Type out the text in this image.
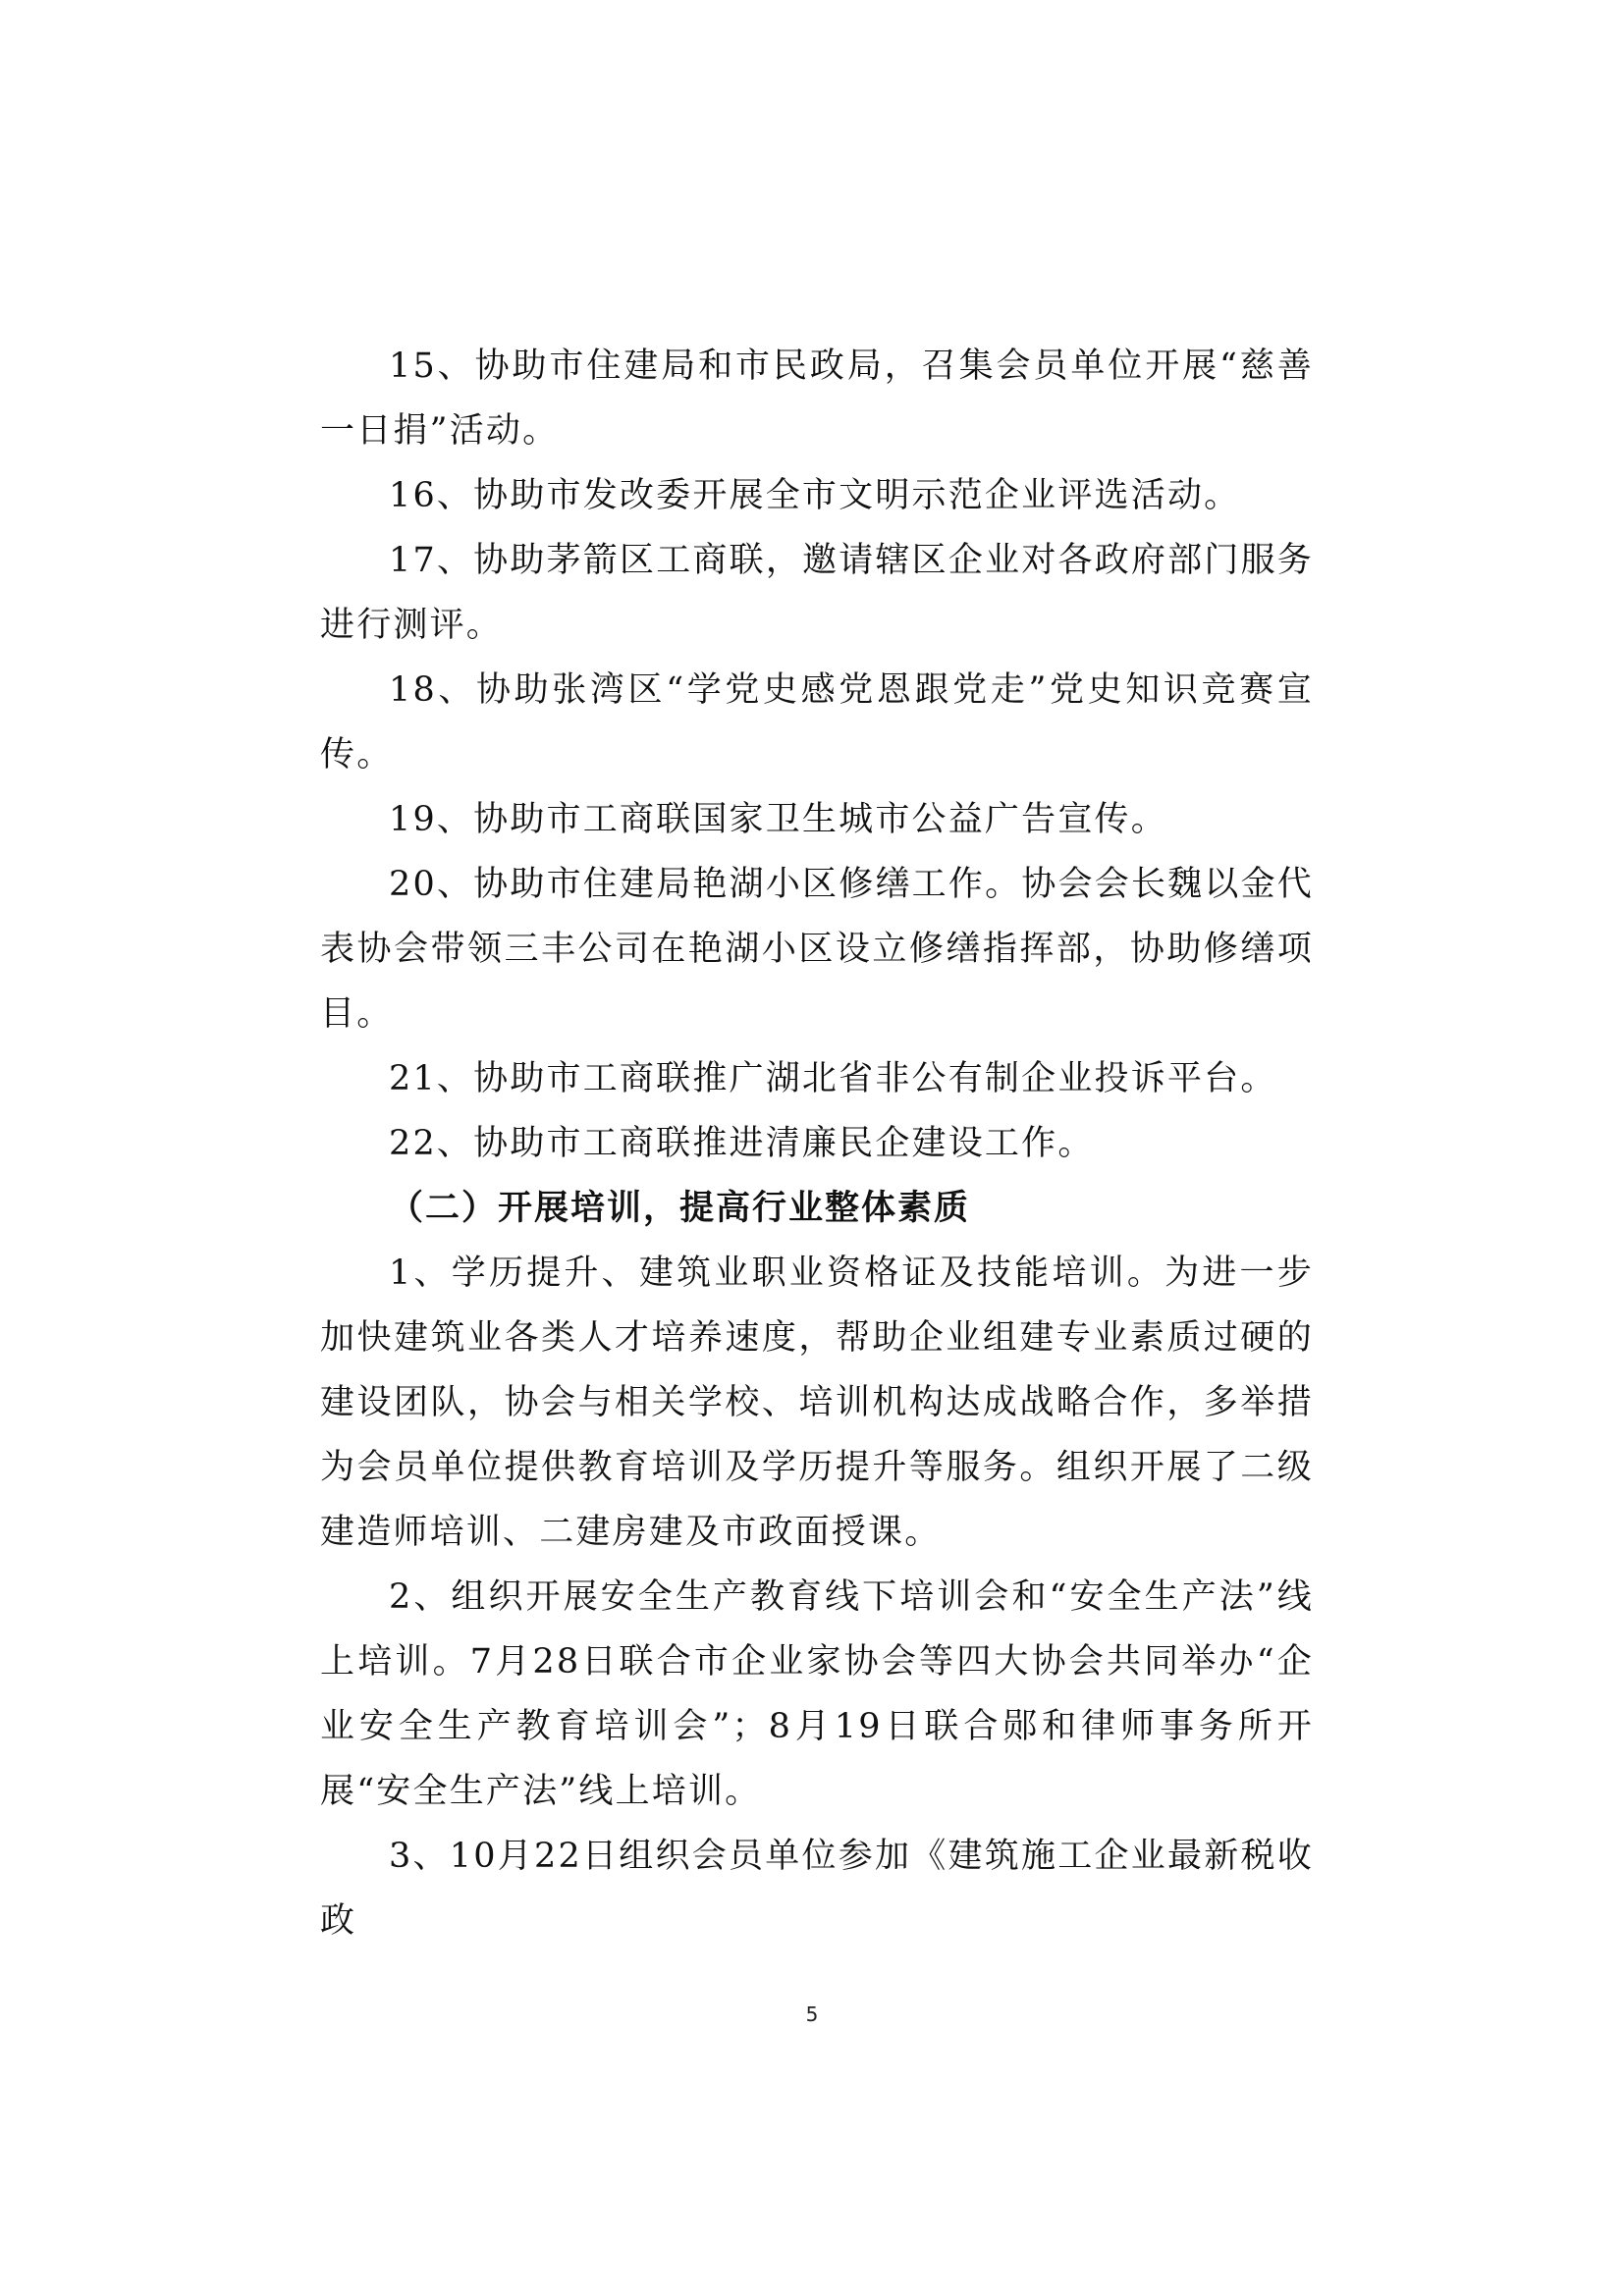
15、协助市住建局和市民政局，召集会员单位开展“慈善一日捐”活动。

16、协助市发改委开展全市文明示范企业评选活动。

17、协助茅箭区工商联，邀请辖区企业对各政府部门服务进行测评。

18、协助张湾区“学党史感党恩跟党走”党史知识竞赛宣传。

19、协助市工商联国家卫生城市公益广告宣传。

20、协助市住建局艳湖小区修缮工作。协会会长魏以金代表协会带领三丰公司在艳湖小区设立修缮指挥部，协助修缮项目。

21、协助市工商联推广湖北省非公有制企业投诉平台。

22、协助市工商联推进清廉民企建设工作。

（二）开展培训，提高行业整体素质

1、学历提升、建筑业职业资格证及技能培训。为进一步加快建筑业各类人才培养速度，帮助企业组建专业素质过硬的建设团队，协会与相关学校、培训机构达成战略合作，多举措为会员单位提供教育培训及学历提升等服务。组织开展了二级建造师培训、二建房建及市政面授课。

2、组织开展安全生产教育线下培训会和“安全生产法”线上培训。7月28日联合市企业家协会等四大协会共同举办“企业安全生产教育培训会”；8月19日联合郧和律师事务所开展“安全生产法”线上培训。

3、10月22日组织会员单位参加《建筑施工企业最新税收政

5
